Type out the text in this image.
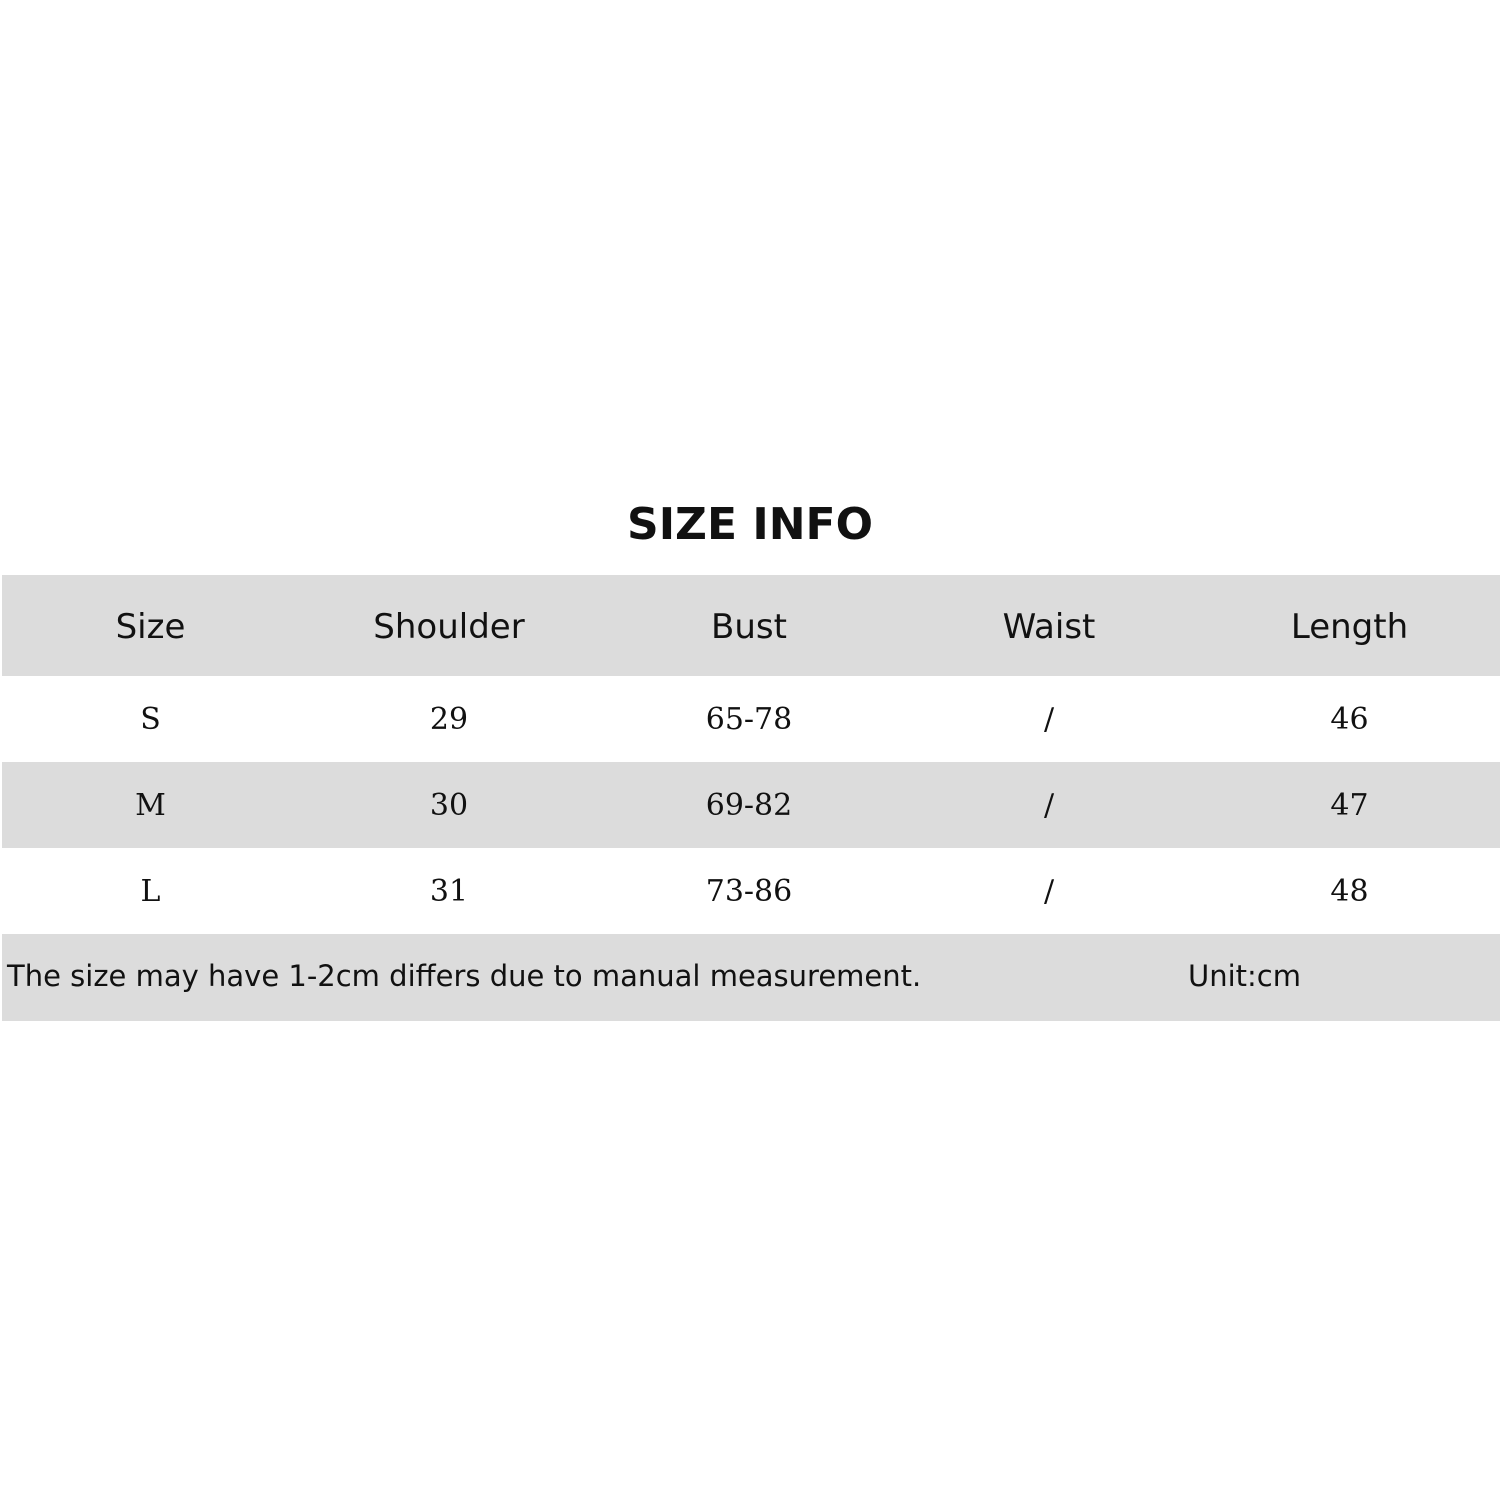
SIZE INFO
Size	Shoulder	Bust	Waist	Length
S	29	65-78	/	46
M	30	69-82	/	47
L	31	73-86	/	48
The size may have 1-2cm differs due to manual measurement.	Unit:cm
